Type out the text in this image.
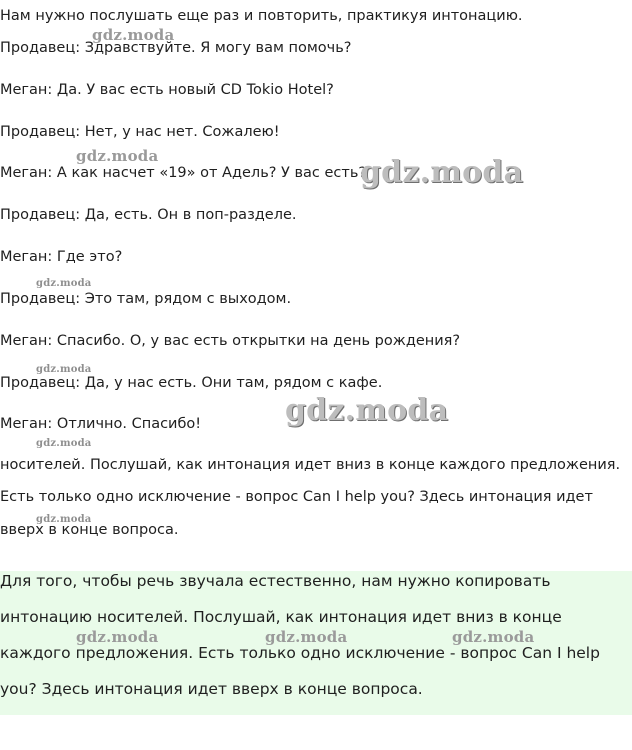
Нам нужно послушать еще раз и повторить, практикуя интонацию.
Продавец: Здравствуйте. Я могу вам помочь?
Меган: Да. У вас есть новый CD Tokio Hotel?
Продавец: Нет, у нас нет. Сожалею!
Меган: А как насчет «19» от Адель? У вас есть?
Продавец: Да, есть. Он в поп-разделе.
Меган: Где это?
Продавец: Это там, рядом с выходом.
Меган: Спасибо. О, у вас есть открытки на день рождения?
Продавец: Да, у нас есть. Они там, рядом с кафе.
Меган: Отлично. Спасибо!
носителей. Послушай, как интонация идет вниз в конце каждого предложения.
Есть только одно исключение - вопрос Can I help you? Здесь интонация идет
вверх в конце вопроса.
Для того, чтобы речь звучала естественно, нам нужно копировать
интонацию носителей. Послушай, как интонация идет вниз в конце
каждого предложения. Есть только одно исключение - вопрос Can I help
you? Здесь интонация идет вверх в конце вопроса.
gdz.moda
gdz.moda	gdz.moda
gdz.moda
gdz.moda
gdz.moda
gdz.moda
gdz.moda
gdz.moda	gdz.moda	gdz.moda
